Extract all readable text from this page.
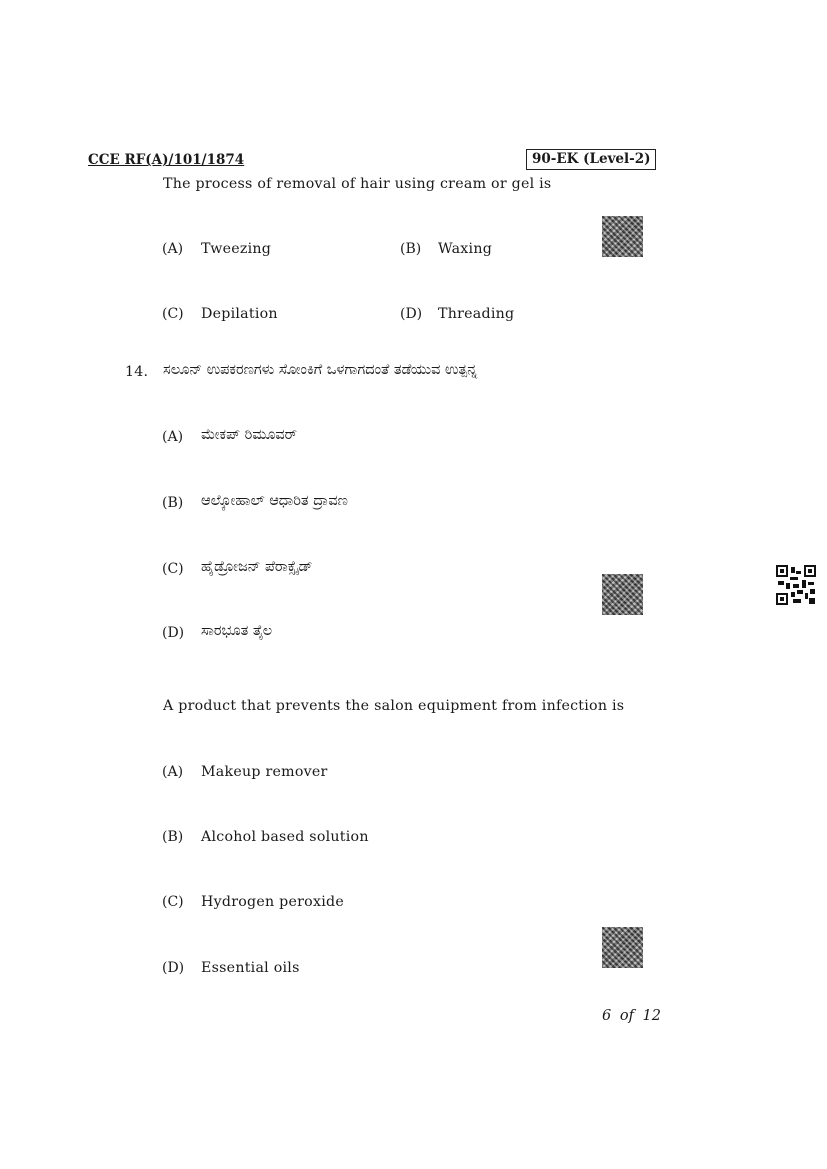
CCE RF(A)/101/1874	90-EK (Level-2)
The process of removal of hair using cream or gel is
(A) Tweezing	(B) Waxing
(C) Depilation	(D) Threading
14. ಸಲೂನ್ ಉಪಕರಣಗಳು ಸೋಂಕಿಗೆ ಒಳಗಾಗದಂತೆ ತಡೆಯುವ ಉತ್ಪನ್ನ
(A) ಮೇಕಪ್ ರಿಮೂವರ್
(B) ಆಲ್ಕೋಹಾಲ್ ಆಧಾರಿತ ದ್ರಾವಣ
(C) ಹೈಡ್ರೋಜನ್ ಪೆರಾಕ್ಸೈಡ್
(D) ಸಾರಭೂತ ತೈಲ
A product that prevents the salon equipment from infection is
(A) Makeup remover
(B) Alcohol based solution
(C) Hydrogen peroxide
(D) Essential oils
6 of 12
